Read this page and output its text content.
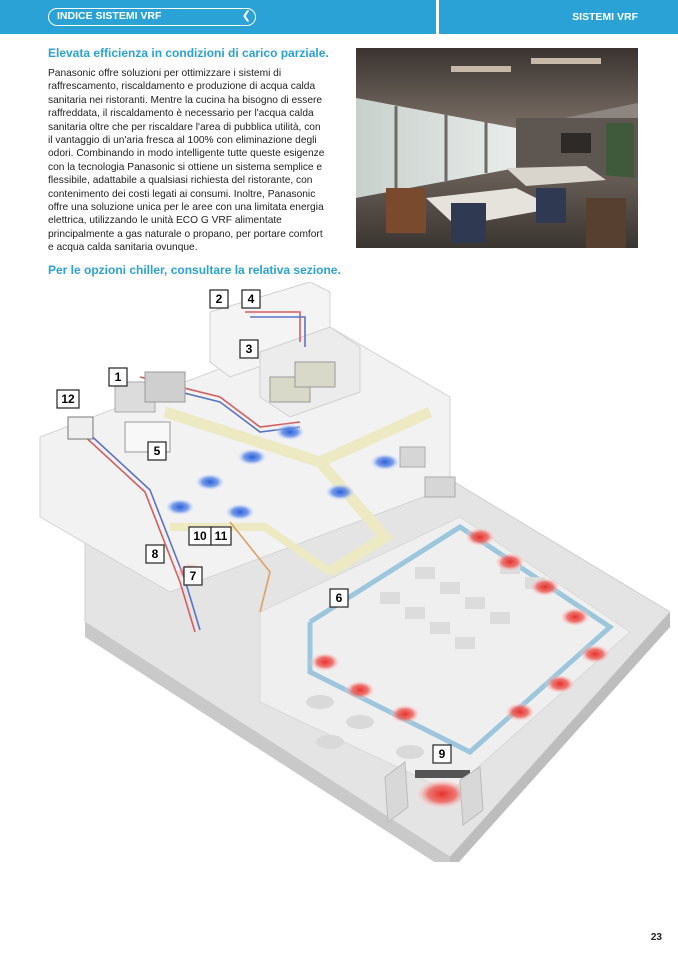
INDICE SISTEMI VRF	❮	SISTEMI VRF
Elevata efficienza in condizioni di carico parziale.
Panasonic offre soluzioni per ottimizzare i sistemi di
raffrescamento, riscaldamento e produzione di acqua calda
sanitaria nei ristoranti. Mentre la cucina ha bisogno di essere
raffreddata, il riscaldamento è necessario per l'acqua calda
sanitaria oltre che per riscaldare l'area di pubblica utilità, con
il vantaggio di un'aria fresca al 100% con eliminazione degli
odori. Combinando in modo intelligente tutte queste esigenze
con la tecnologia Panasonic si ottiene un sistema semplice e
flessibile, adattabile a qualsiasi richiesta del ristorante, con
contenimento dei costi legati ai consumi. Inoltre, Panasonic
offre una soluzione unica per le aree con una limitata energia
elettrica, utilizzando le unità ECO G VRF alimentate
principalmente a gas naturale o propano, per portare comfort
e acqua calda sanitaria ovunque.
Per le opzioni chiller, consultare la relativa sezione.
1
2
3
4
5
6
7
8
9
10 11
12
23
